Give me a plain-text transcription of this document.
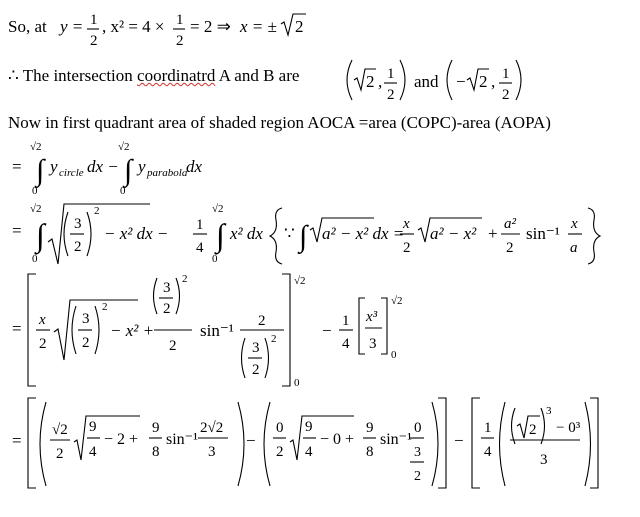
So, at y = 1
2
, x² = 4 × 1
2
= 2 ⇒ x = ± 2
∴ The intersection coordinatrd A and B are	2 , 1
2
and − 2 , 1
2
Now in first quadrant area of shaded region AOCA =area (COPC)-area (AOPA)
=
√2
∫
0
y circle dx −
√2
∫
0
y parabola
dx
=
√2
∫
0
3
2
2
− x² dx − 1
4
√2
∫
0
x² dx ∵ ∫ a² − x² dx =
x
2
a² − x² + a²
2
sin⁻¹ x
a
= x
2
3
2
2
− x² +
3
2
2
2
sin⁻¹ 2
3
2
2
√2
0
− 1
4
x³
3
√2
0
=
√2
2
9
4
− 2 +
9
8
sin⁻¹
2√2
3
−
0
2
9
4
− 0 +
9
8
sin⁻¹
0
3
2
−
1
4
2
3
− 0³
3
